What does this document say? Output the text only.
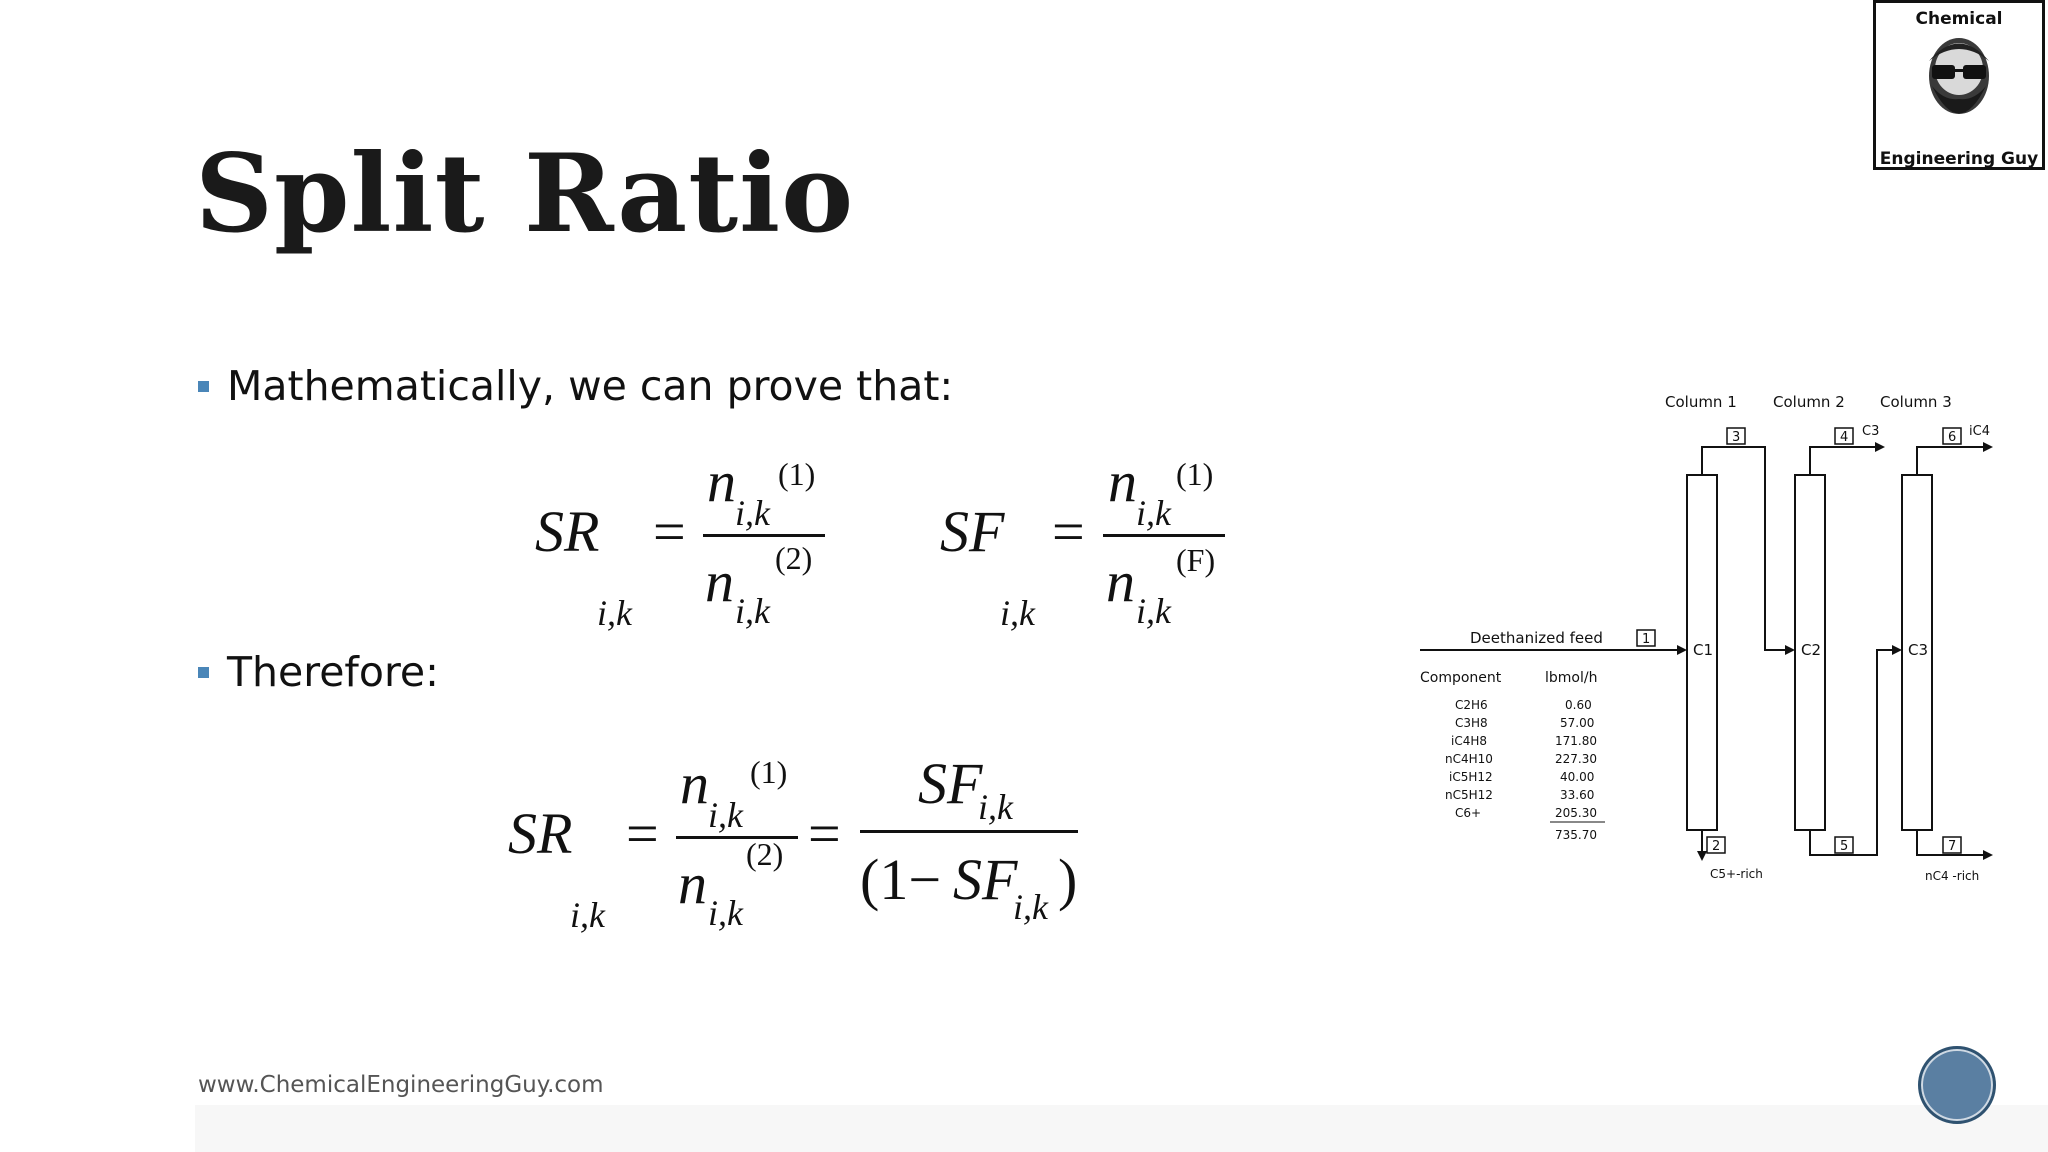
Split Ratio
Mathematically, we can prove that:
SR
i,k
=
n i,k
(1)
n i,k
(2) SF
i,k
=
n i,k
(1)
n i,k
(F)
Therefore:
SR
i,k
=
n i,k
(1)
n i,k
(2) =
SF
i,k
(1− SF
i,k )
Column 1 Column 2 Column 3
C1	C2	C3
Deethanized feed	1
3
2
C5+-rich
4 C3
5
6 iC4
7
nC4 -rich
Component	lbmol/h
C2H6	0.60
C3H8	57.00
iC4H8	171.80
nC4H10	227.30
iC5H12	40.00
nC5H12	33.60
C6+	205.30
735.70
www.ChemicalEngineeringGuy.com
Chemical
Engineering Guy
